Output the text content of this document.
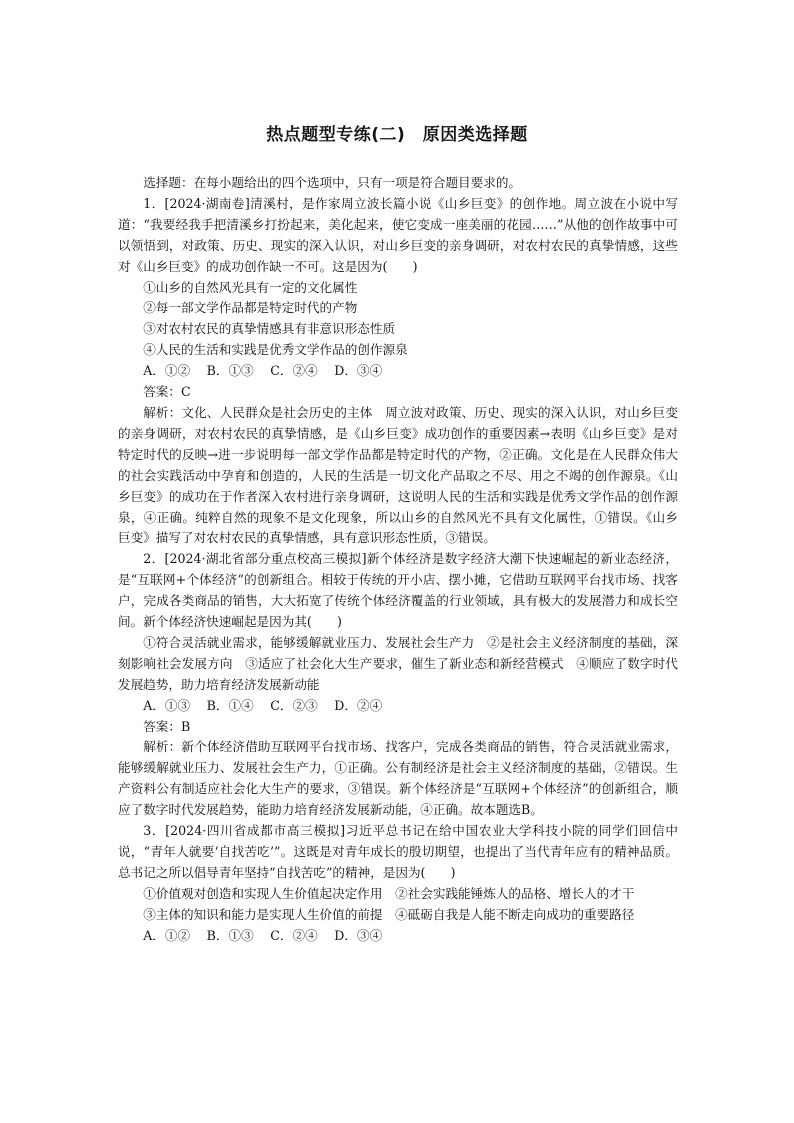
热点题型专练(二)　原因类选择题

选择题：在每小题给出的四个选项中，只有一项是符合题目要求的。

1．[2024·湖南卷]清溪村，是作家周立波长篇小说《山乡巨变》的创作地。周立波在小说中写道：“我要经我手把清溪乡打扮起来，美化起来，使它变成一座美丽的花园……”从他的创作故事中可以领悟到，对政策、历史、现实的深入认识，对山乡巨变的亲身调研，对农村农民的真挚情感，这些对《山乡巨变》的成功创作缺一不可。这是因为(　　)

①山乡的自然风光具有一定的文化属性

②每一部文学作品都是特定时代的产物

③对农村农民的真挚情感具有非意识形态性质

④人民的生活和实践是优秀文学作品的创作源泉

A．①②　 B．①③　 C．②④　 D．③④

答案：C

解析：文化、人民群众是社会历史的主体　周立波对政策、历史、现实的深入认识，对山乡巨变的亲身调研，对农村农民的真挚情感，是《山乡巨变》成功创作的重要因素→表明《山乡巨变》是对特定时代的反映→进一步说明每一部文学作品都是特定时代的产物，②正确。文化是在人民群众伟大的社会实践活动中孕育和创造的，人民的生活是一切文化产品取之不尽、用之不竭的创作源泉。《山乡巨变》的成功在于作者深入农村进行亲身调研，这说明人民的生活和实践是优秀文学作品的创作源泉，④正确。纯粹自然的现象不是文化现象，所以山乡的自然风光不具有文化属性，①错误。《山乡巨变》描写了对农村农民的真挚情感，具有意识形态性质，③错误。

2．[2024·湖北省部分重点校高三模拟]新个体经济是数字经济大潮下快速崛起的新业态经济，是“互联网+个体经济”的创新组合。相较于传统的开小店、摆小摊，它借助互联网平台找市场、找客户，完成各类商品的销售，大大拓宽了传统个体经济覆盖的行业领域，具有极大的发展潜力和成长空间。新个体经济快速崛起是因为其(　　)

①符合灵活就业需求，能够缓解就业压力、发展社会生产力　②是社会主义经济制度的基础，深刻影响社会发展方向　③适应了社会化大生产要求，催生了新业态和新经营模式　④顺应了数字时代发展趋势，助力培育经济发展新动能

A．①③　 B．①④　 C．②③　 D．②④

答案：B

解析：新个体经济借助互联网平台找市场、找客户，完成各类商品的销售，符合灵活就业需求，能够缓解就业压力、发展社会生产力，①正确。公有制经济是社会主义经济制度的基础，②错误。生产资料公有制适应社会化大生产的要求，③错误。新个体经济是“互联网+个体经济”的创新组合，顺应了数字时代发展趋势，能助力培育经济发展新动能，④正确。故本题选B。

3．[2024·四川省成都市高三模拟]习近平总书记在给中国农业大学科技小院的同学们回信中说，“青年人就要‘自找苦吃’”。这既是对青年成长的殷切期望，也提出了当代青年应有的精神品质。总书记之所以倡导青年坚持“自找苦吃”的精神，是因为(　　)

①价值观对创造和实现人生价值起决定作用　②社会实践能锤炼人的品格、增长人的才干

③主体的知识和能力是实现人生价值的前提　④砥砺自我是人能不断走向成功的重要路径

A．①②　 B．①③　 C．②④　 D．③④
